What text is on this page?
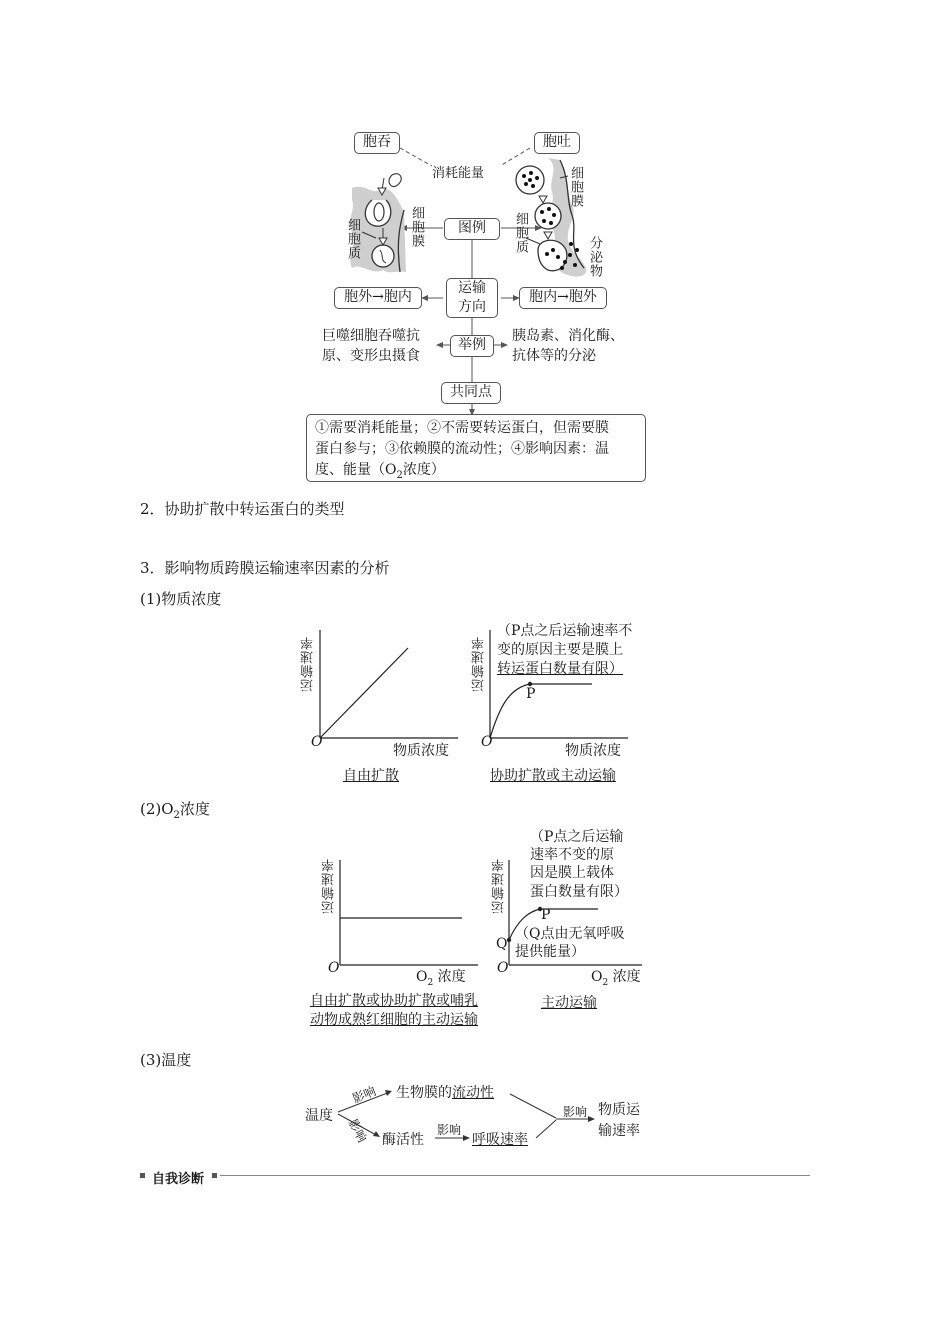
胞吞	胞吐
消耗能量	细胞膜
细胞膜
细胞质	细胞质
分泌物
图例
运输
方向
胞外→胞内	胞内→胞外
举例
巨噬细胞吞噬抗
原、变形虫摄食
胰岛素、消化酶、
抗体等的分泌
共同点
①需要消耗能量；②不需要转运蛋白，但需要膜
蛋白参与；③依赖膜的流动性；④影响因素：温
度、能量（$O_2$浓度）
2．协助扩散中转运蛋白的类型
3．影响物质跨膜运输速率因素的分析
(1)物质浓度
运输速率	运输速率
O	O
物质浓度	物质浓度
P
（P点之后运输速率不
变的原因主要是膜上
转运蛋白数量有限）
自由扩散	协助扩散或主动运输
$(2)O_2$浓度
运输速率	运输速率
O	O
$O_2$ 浓度	$O_2$ 浓度
P
Q
（P点之后运输
速率不变的原
因是膜上载体
蛋白数量有限）
（Q点由无氧呼吸
提供能量）
自由扩散或协助扩散或哺乳
动物成熟红细胞的主动运输
主动运输
(3)温度
温度
影响
影响
生物膜的流动性
酶活性
影响
呼吸速率
影响 物质运
输速率
自我诊断
